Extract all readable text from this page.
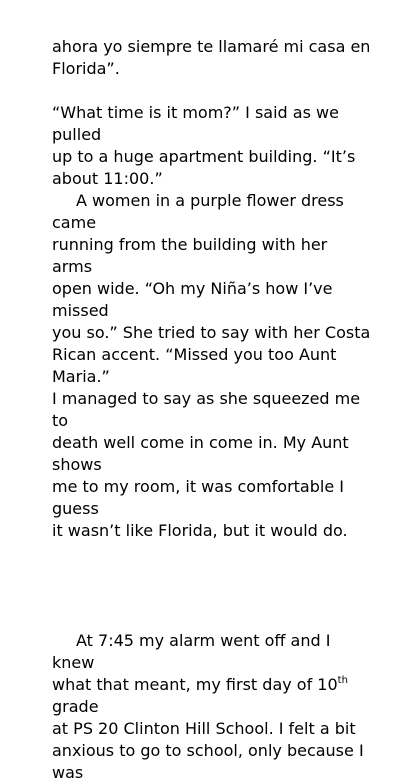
ahora yo siempre te llamaré mi casa en
Florida”.
“What time is it mom?” I said as we pulled
up to a huge apartment building. “It’s
about 11:00.”
A women in a purple flower dress came
running from the building with her arms
open wide. “Oh my Niña’s how I’ve missed
you so.” She tried to say with her Costa
Rican accent. “Missed you too Aunt Maria.”
I managed to say as she squeezed me to
death well come in come in. My Aunt shows
me to my room, it was comfortable I guess
it wasn’t like Florida, but it would do.
At 7:45 my alarm went off and I knew
what that meant, my first day of 10th grade
at PS 20 Clinton Hill School. I felt a bit
anxious to go to school, only because I was
